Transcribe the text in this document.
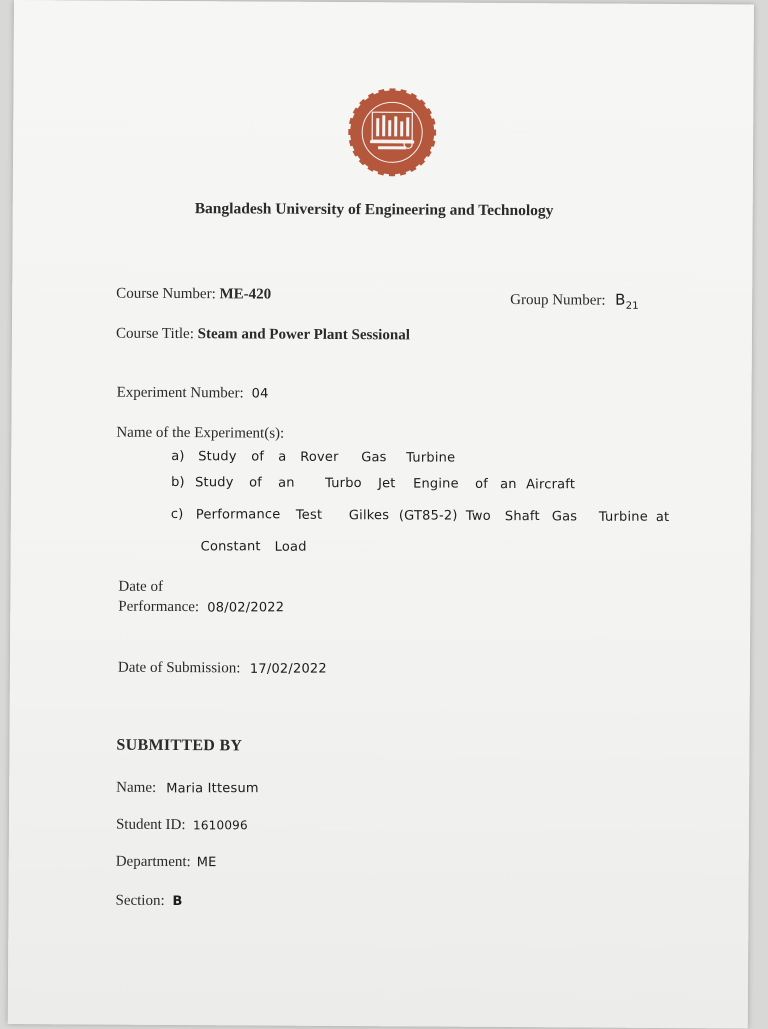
Bangladesh University of Engineering and Technology
Course Number: ME-420	Group Number: $B_{21}$
Course Title: Steam and Power Plant Sessional
Experiment Number: 04
Name of the Experiment(s):
a) Study of a Rover Gas Turbine
b) Study of an Turbo Jet Engine of an Aircraft
c) Performance Test Gilkes (GT85-2) Two Shaft Gas Turbine at
Constant Load
Date of
Performance: 08/02/2022
Date of Submission: 17/02/2022
SUBMITTED BY
Name: Maria Ittesum
Student ID: 1610096
Department: ME
Section: B
